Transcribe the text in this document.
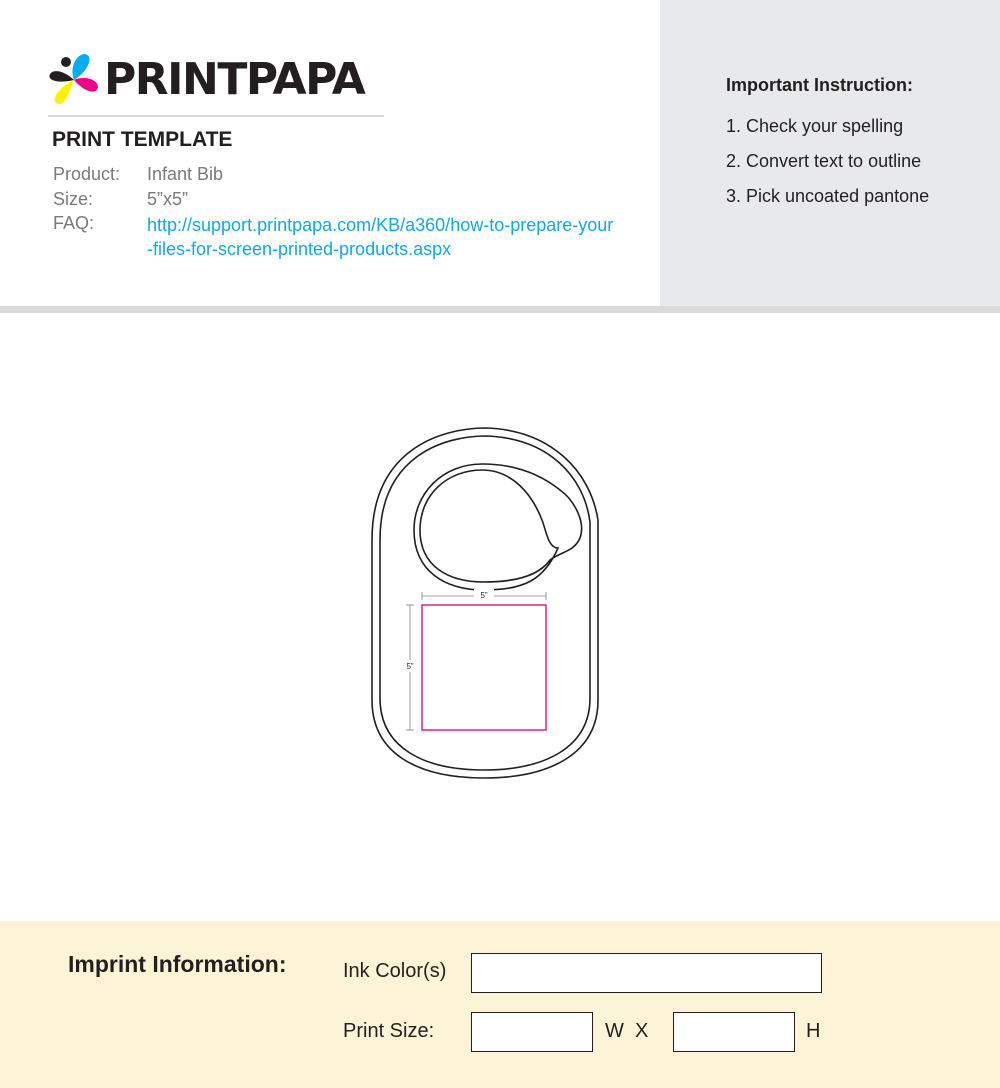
PRINTPAPA
PRINT TEMPLATE
Product: Infant Bib
Size:	5”x5”
FAQ:	http://support.printpapa.com/KB/a360/how-to-prepare-your-files-for-screen-printed-products.aspx
Important Instruction:
1. Check your spelling
2. Convert text to outline
3. Pick uncoated pantone
5”
5”
Imprint Information:	Ink Color(s)
Print Size:	W  X	H
